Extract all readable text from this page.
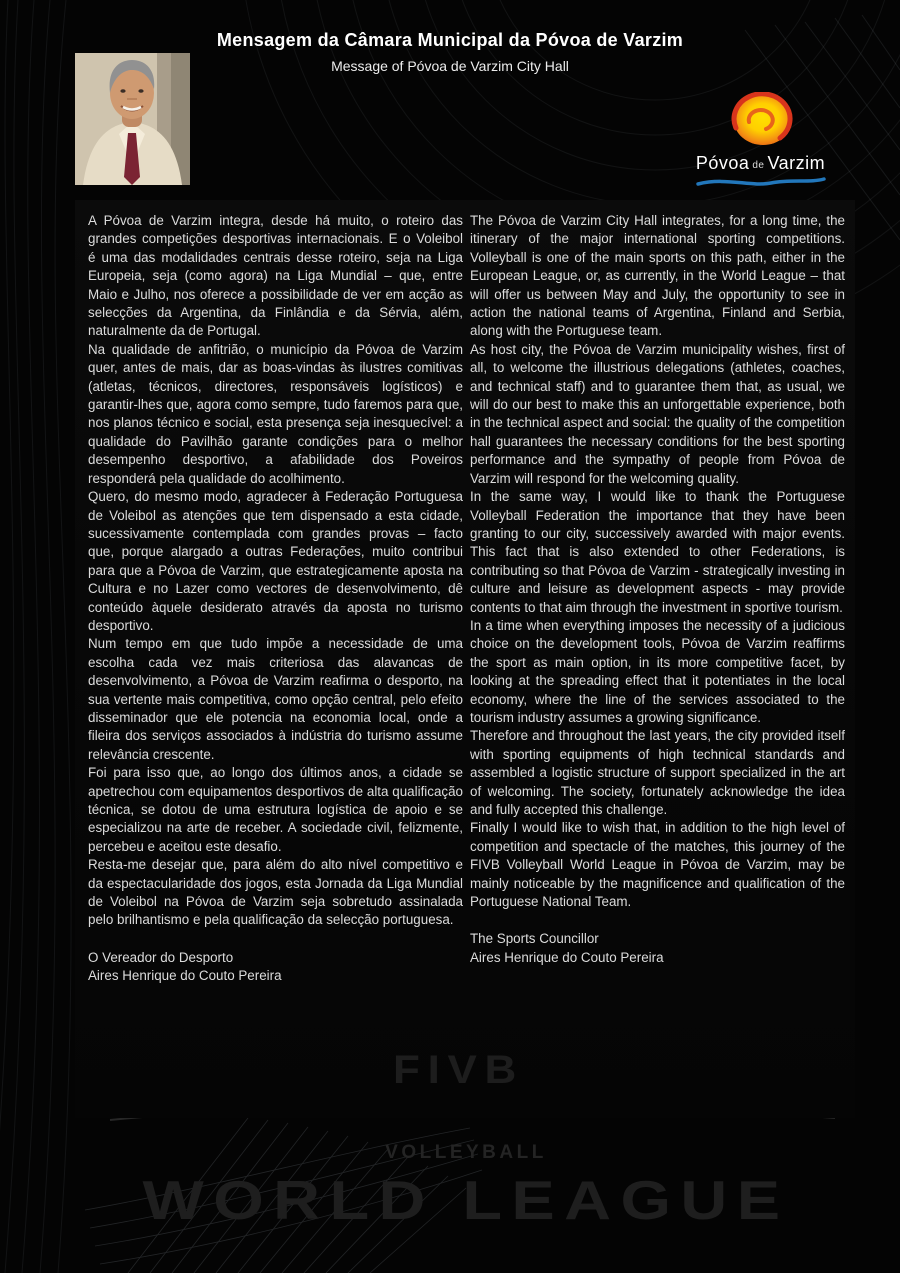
Mensagem da Câmara Municipal da Póvoa de Varzim
Message of Póvoa de Varzim City Hall
Póvoa de Varzim

A Póvoa de Varzim integra, desde há muito, o roteiro das grandes competições desportivas internacionais. E o Voleibol é uma das modalidades centrais desse roteiro, seja na Liga Europeia, seja (como agora) na Liga Mundial – que, entre Maio e Julho, nos oferece a possibilidade de ver em acção as selecções da Argentina, da Finlândia e da Sérvia, além, naturalmente da de Portugal.

Na qualidade de anfitrião, o município da Póvoa de Varzim quer, antes de mais, dar as boas-vindas às ilustres comitivas (atletas, técnicos, directores, responsáveis logísticos) e garantir-lhes que, agora como sempre, tudo faremos para que, nos planos técnico e social, esta presença seja inesquecível: a qualidade do Pavilhão garante condições para o melhor desempenho desportivo, a afabilidade dos Poveiros responderá pela qualidade do acolhimento.

Quero, do mesmo modo, agradecer à Federação Portuguesa de Voleibol as atenções que tem dispensado a esta cidade, sucessivamente contemplada com grandes provas – facto que, porque alargado a outras Federações, muito contribui para que a Póvoa de Varzim, que estrategicamente aposta na Cultura e no Lazer como vectores de desenvolvimento, dê conteúdo àquele desiderato através da aposta no turismo desportivo.

Num tempo em que tudo impõe a necessidade de uma escolha cada vez mais criteriosa das alavancas de desenvolvimento, a Póvoa de Varzim reafirma o desporto, na sua vertente mais competitiva, como opção central, pelo efeito disseminador que ele potencia na economia local, onde a fileira dos serviços associados à indústria do turismo assume relevância crescente.

Foi para isso que, ao longo dos últimos anos, a cidade se apetrechou com equipamentos desportivos de alta qualificação técnica, se dotou de uma estrutura logística de apoio e se especializou na arte de receber. A sociedade civil, felizmente, percebeu e aceitou este desafio.

Resta-me desejar que, para além do alto nível competitivo e da espectacularidade dos jogos, esta Jornada da Liga Mundial de Voleibol na Póvoa de Varzim seja sobretudo assinalada pelo brilhantismo e pela qualificação da selecção portuguesa.

O Vereador do Desporto
Aires Henrique do Couto Pereira

The Póvoa de Varzim City Hall integrates, for a long time, the itinerary of the major international sporting competitions. Volleyball is one of the main sports on this path, either in the European League, or, as currently, in the World League – that will offer us between May and July, the opportunity to see in action the national teams of Argentina, Finland and Serbia, along with the Portuguese team.

As host city, the Póvoa de Varzim municipality wishes, first of all, to welcome the illustrious delegations (athletes, coaches, and technical staff) and to guarantee them that, as usual, we will do our best to make this an unforgettable experience, both in the technical aspect and social: the quality of the competition hall guarantees the necessary conditions for the best sporting performance and the sympathy of people from Póvoa de Varzim will respond for the welcoming quality.

In the same way, I would like to thank the Portuguese Volleyball Federation the importance that they have been granting to our city, successively awarded with major events. This fact that is also extended to other Federations, is contributing so that Póvoa de Varzim - strategically investing in culture and leisure as development aspects - may provide contents to that aim through the investment in sportive tourism.

In a time when everything imposes the necessity of a judicious choice on the development tools, Póvoa de Varzim reaffirms the sport as main option, in its more competitive facet, by looking at the spreading effect that it potentiates in the local economy, where the line of the services associated to the tourism industry assumes a growing significance.

Therefore and throughout the last years, the city provided itself with sporting equipments of high technical standards and assembled a logistic structure of support specialized in the art of welcoming. The society, fortunately acknowledge the idea and fully accepted this challenge.

Finally I would like to wish that, in addition to the high level of competition and spectacle of the matches, this journey of the FIVB Volleyball World League in Póvoa de Varzim, may be mainly noticeable by the magnificence and qualification of the Portuguese National Team.

The Sports Councillor
Aires Henrique do Couto Pereira
FIVB
VOLLEYBALL
WORLD LEAGUE
